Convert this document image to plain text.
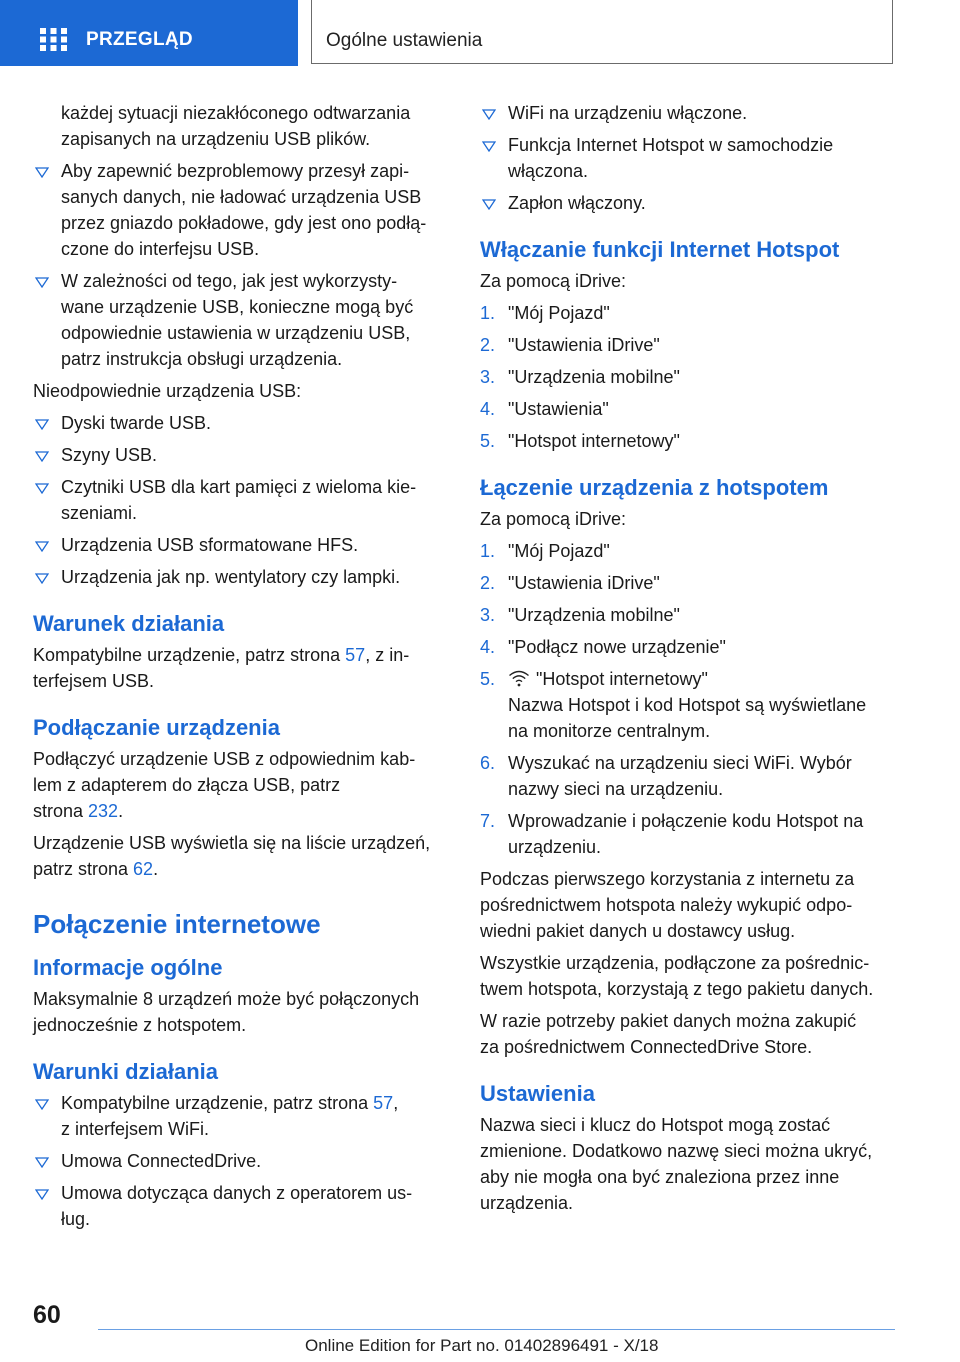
PRZEGLĄD	Ogólne ustawienia
każdej sytuacji niezakłóconego odtwarzania
zapisanych na urządzeniu USB plików.
Aby zapewnić bezproblemowy przesył zapi‐
sanych danych, nie ładować urządzenia USB
przez gniazdo pokładowe, gdy jest ono podłą‐
czone do interfejsu USB.
W zależności od tego, jak jest wykorzysty‐
wane urządzenie USB, konieczne mogą być
odpowiednie ustawienia w urządzeniu USB,
patrz instrukcja obsługi urządzenia.

Nieodpowiednie urządzenia USB:

Dyski twarde USB.
Szyny USB.
Czytniki USB dla kart pamięci z wieloma kie‐
szeniami.
Urządzenia USB sformatowane HFS.
Urządzenia jak np. wentylatory czy lampki.
Warunek działania

Kompatybilne urządzenie, patrz strona 57, z in‐
terfejsem USB.

Podłączanie urządzenia

Podłączyć urządzenie USB z odpowiednim kab‐
lem z adapterem do złącza USB, patrz
strona 232.

Urządzenie USB wyświetla się na liście urządzeń,
patrz strona 62.

Połączenie internetowe
Informacje ogólne

Maksymalnie 8 urządzeń może być połączonych
jednocześnie z hotspotem.

Warunki działania
Kompatybilne urządzenie, patrz strona 57,
z interfejsem WiFi.
Umowa ConnectedDrive.
Umowa dotycząca danych z operatorem us‐
ług.
WiFi na urządzeniu włączone.
Funkcja Internet Hotspot w samochodzie
włączona.
Zapłon włączony.
Włączanie funkcji Internet Hotspot

Za pomocą iDrive:

1. "Mój Pojazd"
2. "Ustawienia iDrive"
3. "Urządzenia mobilne"
4. "Ustawienia"
5. "Hotspot internetowy"
Łączenie urządzenia z hotspotem

Za pomocą iDrive:

1. "Mój Pojazd"
2. "Ustawienia iDrive"
3. "Urządzenia mobilne"
4. "Podłącz nowe urządzenie"
5. "Hotspot internetowy"
Nazwa Hotspot i kod Hotspot są wyświetlane
na monitorze centralnym.
6. Wyszukać na urządzeniu sieci WiFi. Wybór
nazwy sieci na urządzeniu.
7. Wprowadzanie i połączenie kodu Hotspot na
urządzeniu.

Podczas pierwszego korzystania z internetu za
pośrednictwem hotspota należy wykupić odpo‐
wiedni pakiet danych u dostawcy usług.

Wszystkie urządzenia, podłączone za pośrednic‐
twem hotspota, korzystają z tego pakietu danych.

W razie potrzeby pakiet danych można zakupić
za pośrednictwem ConnectedDrive Store.

Ustawienia

Nazwa sieci i klucz do Hotspot mogą zostać
zmienione. Dodatkowo nazwę sieci można ukryć,
aby nie mogła ona być znaleziona przez inne
urządzenia.

60
Online Edition for Part no. 01402896491 - X/18
